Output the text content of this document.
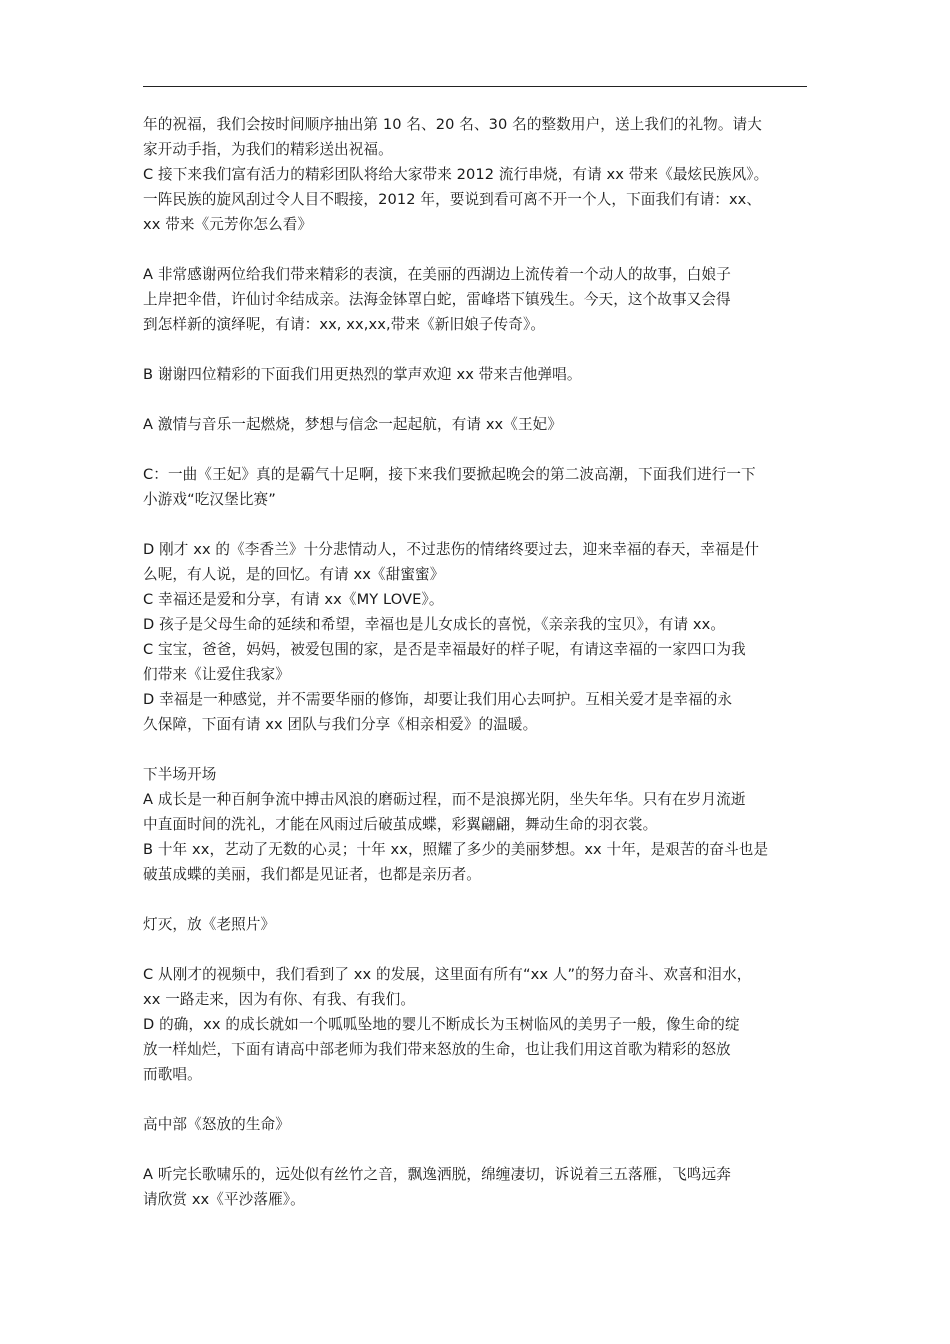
年的祝福，我们会按时间顺序抽出第 10 名、20 名、30 名的整数用户，送上我们的礼物。请大
家开动手指，为我们的精彩送出祝福。
C 接下来我们富有活力的精彩团队将给大家带来 2012 流行串烧，有请 xx 带来《最炫民族风》。
一阵民族的旋风刮过令人目不暇接，2012 年，要说到看可离不开一个人，下面我们有请：xx、
xx 带来《元芳你怎么看》
A 非常感谢两位给我们带来精彩的表演，在美丽的西湖边上流传着一个动人的故事，白娘子
上岸把伞借，许仙讨伞结成亲。法海金钵罩白蛇，雷峰塔下镇残生。今天，这个故事又会得
到怎样新的演绎呢，有请：xx, xx,xx,带来《新旧娘子传奇》。
B 谢谢四位精彩的下面我们用更热烈的掌声欢迎 xx 带来吉他弹唱。
A 激情与音乐一起燃烧，梦想与信念一起起航，有请 xx《王妃》
C：一曲《王妃》真的是霸气十足啊，接下来我们要掀起晚会的第二波高潮，下面我们进行一下
小游戏“吃汉堡比赛”
D 刚才 xx 的《李香兰》十分悲情动人，不过悲伤的情绪终要过去，迎来幸福的春天，幸福是什
么呢，有人说，是的回忆。有请 xx《甜蜜蜜》
C 幸福还是爱和分享，有请 xx《MY LOVE》。
D 孩子是父母生命的延续和希望，幸福也是儿女成长的喜悦，《亲亲我的宝贝》，有请 xx。
C 宝宝，爸爸，妈妈，被爱包围的家，是否是幸福最好的样子呢，有请这幸福的一家四口为我
们带来《让爱住我家》
D 幸福是一种感觉，并不需要华丽的修饰，却要让我们用心去呵护。互相关爱才是幸福的永
久保障，下面有请 xx 团队与我们分享《相亲相爱》的温暖。
下半场开场
A 成长是一种百舸争流中搏击风浪的磨砺过程，而不是浪掷光阴，坐失年华。只有在岁月流逝
中直面时间的洗礼，才能在风雨过后破茧成蝶，彩翼翩翩，舞动生命的羽衣裳。
B 十年 xx，艺动了无数的心灵；十年 xx，照耀了多少的美丽梦想。xx 十年，是艰苦的奋斗也是
破茧成蝶的美丽，我们都是见证者，也都是亲历者。
灯灭，放《老照片》
C 从刚才的视频中，我们看到了 xx 的发展，这里面有所有“xx 人”的努力奋斗、欢喜和泪水，
xx 一路走来，因为有你、有我、有我们。
D 的确，xx 的成长就如一个呱呱坠地的婴儿不断成长为玉树临风的美男子一般，像生命的绽
放一样灿烂，下面有请高中部老师为我们带来怒放的生命，也让我们用这首歌为精彩的怒放
而歌唱。
高中部《怒放的生命》
A 听完长歌啸乐的，远处似有丝竹之音，飘逸洒脱，绵缠凄切，诉说着三五落雁，飞鸣远奔
请欣赏 xx《平沙落雁》。
